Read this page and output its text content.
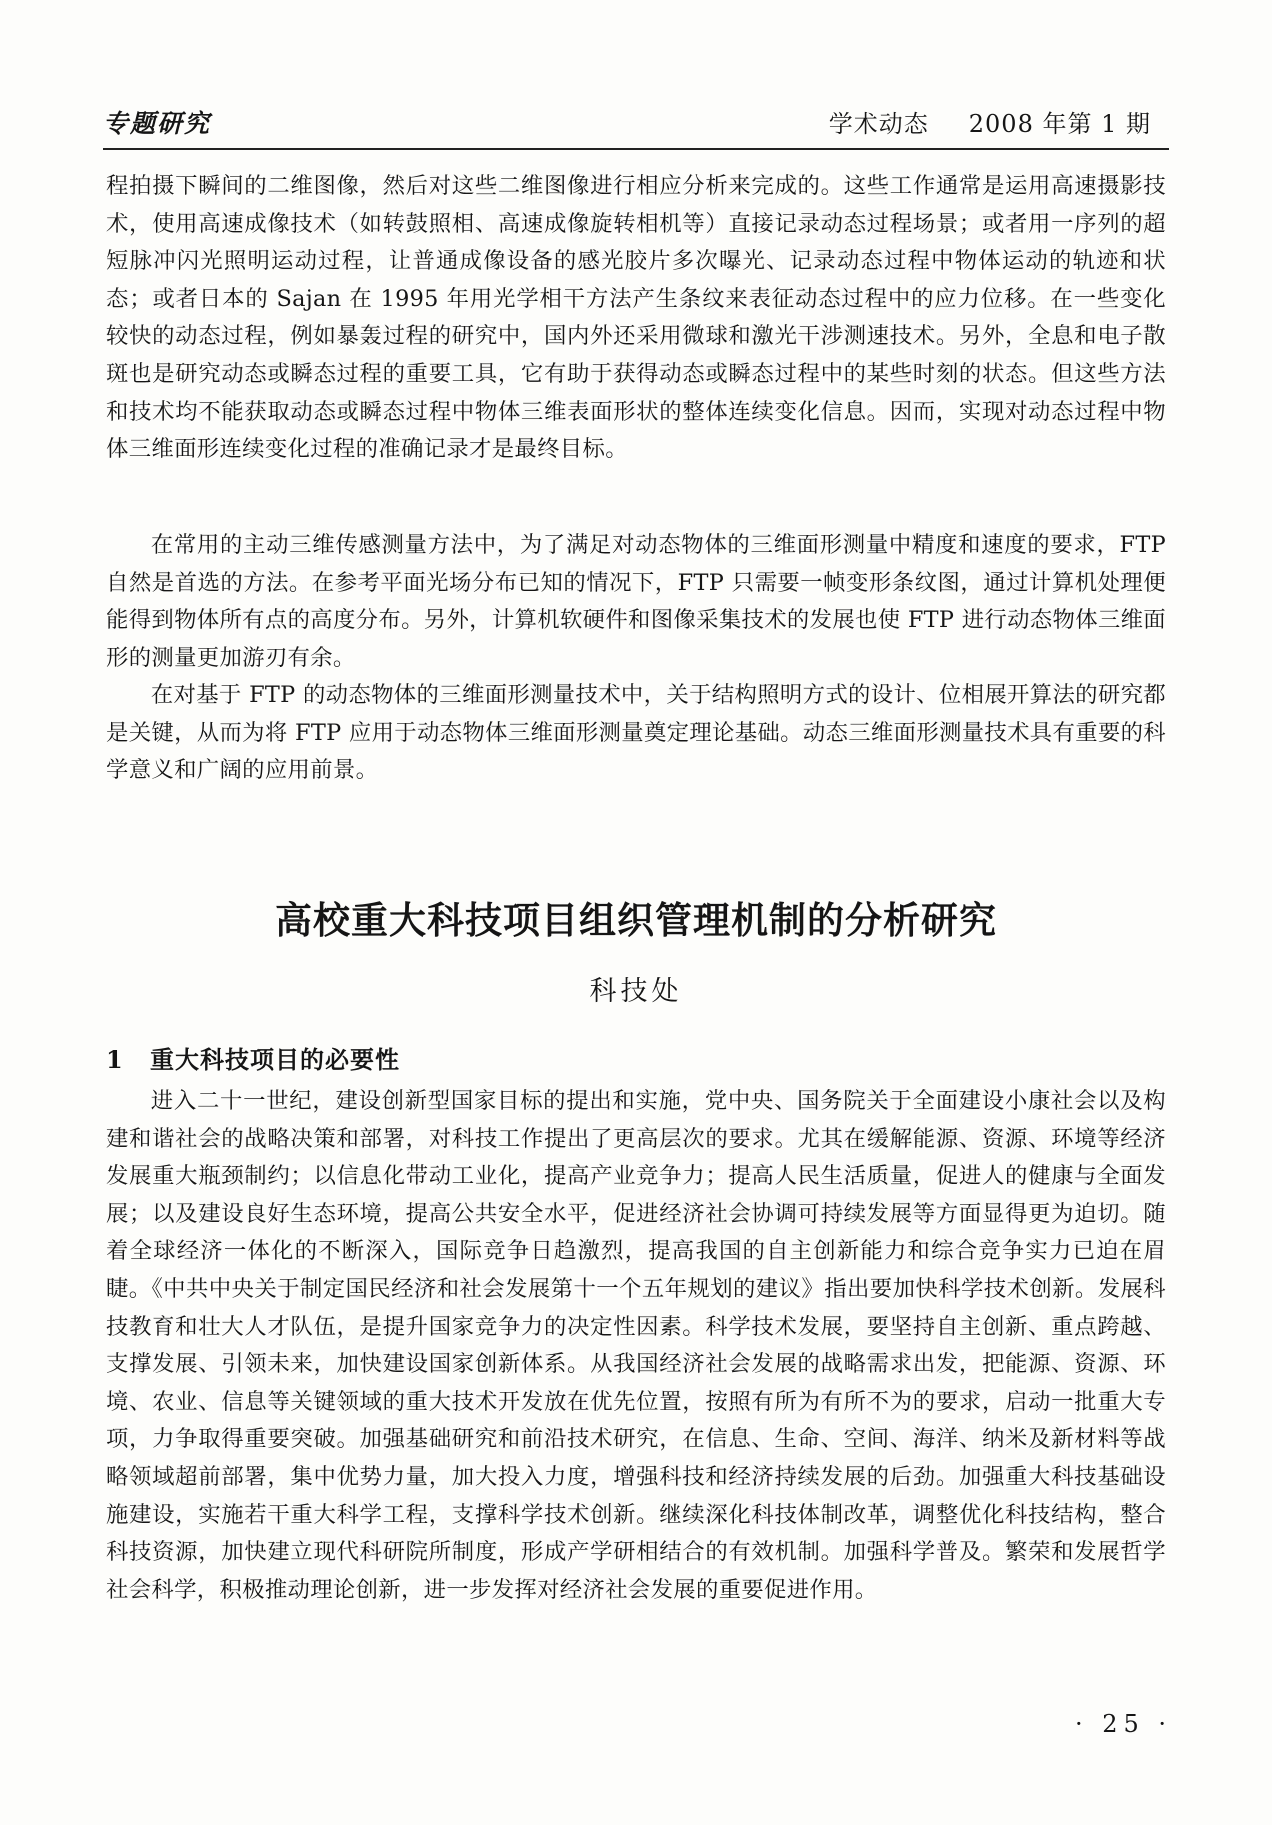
专题研究	学术动态 2008 年第 1 期

程拍摄下瞬间的二维图像，然后对这些二维图像进行相应分析来完成的。这些工作通常是运用高速摄影技术，使用高速成像技术（如转鼓照相、高速成像旋转相机等）直接记录动态过程场景；或者用一序列的超短脉冲闪光照明运动过程，让普通成像设备的感光胶片多次曝光、记录动态过程中物体运动的轨迹和状态；或者日本的 Sajan 在 1995 年用光学相干方法产生条纹来表征动态过程中的应力位移。在一些变化较快的动态过程，例如暴轰过程的研究中，国内外还采用微球和激光干涉测速技术。另外，全息和电子散斑也是研究动态或瞬态过程的重要工具，它有助于获得动态或瞬态过程中的某些时刻的状态。但这些方法和技术均不能获取动态或瞬态过程中物体三维表面形状的整体连续变化信息。因而，实现对动态过程中物体三维面形连续变化过程的准确记录才是最终目标。

在常用的主动三维传感测量方法中，为了满足对动态物体的三维面形测量中精度和速度的要求，FTP 自然是首选的方法。在参考平面光场分布已知的情况下，FTP 只需要一帧变形条纹图，通过计算机处理便能得到物体所有点的高度分布。另外，计算机软硬件和图像采集技术的发展也使 FTP 进行动态物体三维面形的测量更加游刃有余。

在对基于 FTP 的动态物体的三维面形测量技术中，关于结构照明方式的设计、位相展开算法的研究都是关键，从而为将 FTP 应用于动态物体三维面形测量奠定理论基础。动态三维面形测量技术具有重要的科学意义和广阔的应用前景。

高校重大科技项目组织管理机制的分析研究
科技处
1 重大科技项目的必要性

进入二十一世纪，建设创新型国家目标的提出和实施，党中央、国务院关于全面建设小康社会以及构建和谐社会的战略决策和部署，对科技工作提出了更高层次的要求。尤其在缓解能源、资源、环境等经济发展重大瓶颈制约；以信息化带动工业化，提高产业竞争力；提高人民生活质量，促进人的健康与全面发展；以及建设良好生态环境，提高公共安全水平，促进经济社会协调可持续发展等方面显得更为迫切。随着全球经济一体化的不断深入，国际竞争日趋激烈，提高我国的自主创新能力和综合竞争实力已迫在眉睫。《中共中央关于制定国民经济和社会发展第十一个五年规划的建议》指出要加快科学技术创新。发展科技教育和壮大人才队伍，是提升国家竞争力的决定性因素。科学技术发展，要坚持自主创新、重点跨越、支撑发展、引领未来，加快建设国家创新体系。从我国经济社会发展的战略需求出发，把能源、资源、环境、农业、信息等关键领域的重大技术开发放在优先位置，按照有所为有所不为的要求，启动一批重大专项，力争取得重要突破。加强基础研究和前沿技术研究，在信息、生命、空间、海洋、纳米及新材料等战略领域超前部署，集中优势力量，加大投入力度，增强科技和经济持续发展的后劲。加强重大科技基础设施建设，实施若干重大科学工程，支撑科学技术创新。继续深化科技体制改革，调整优化科技结构，整合科技资源，加快建立现代科研院所制度，形成产学研相结合的有效机制。加强科学普及。繁荣和发展哲学社会科学，积极推动理论创新，进一步发挥对经济社会发展的重要促进作用。

· 25 ·
